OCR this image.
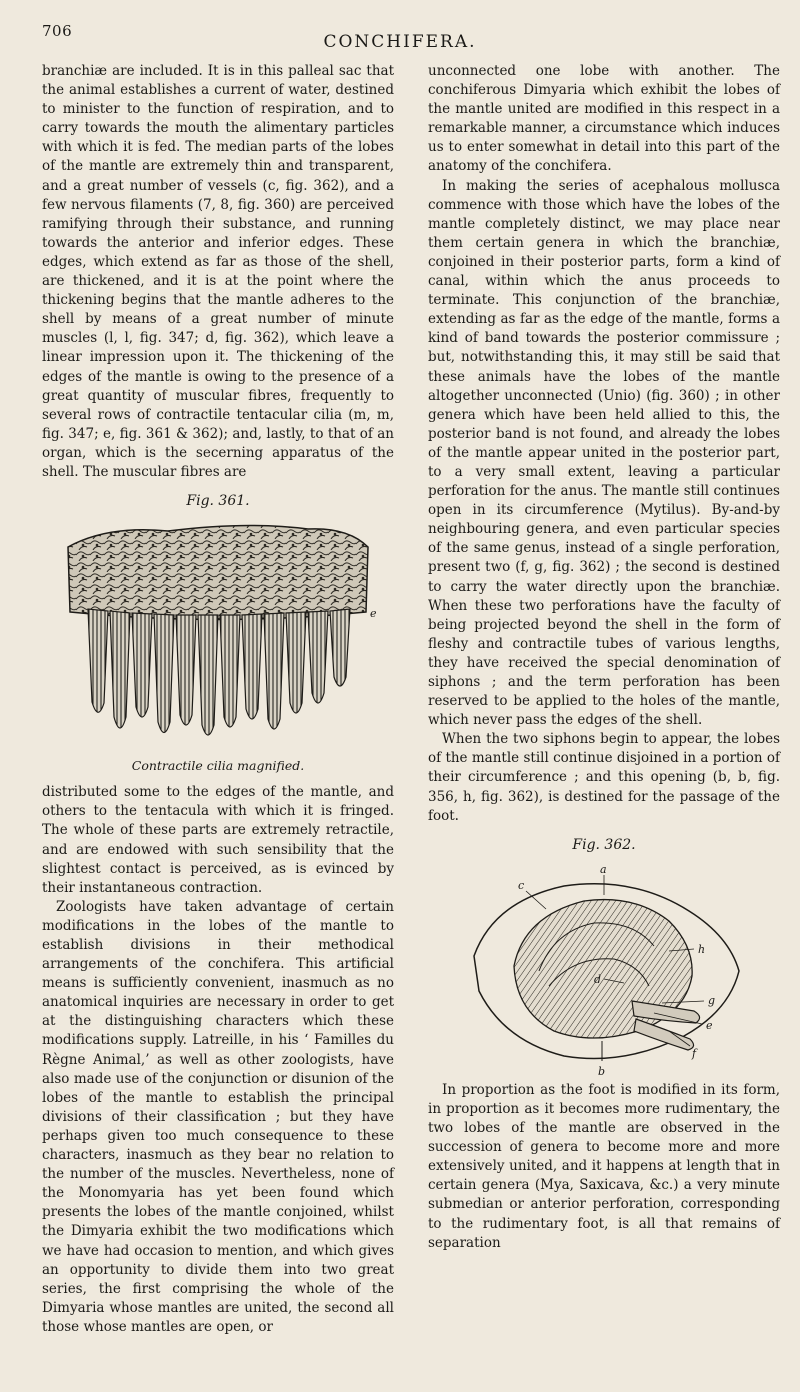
706
CONCHIFERA.

branchiæ are included. It is in this palleal sac that the animal establishes a current of water, destined to minister to the function of respiration, and to carry towards the mouth the alimentary particles with which it is fed. The median parts of the lobes of the mantle are extremely thin and transparent, and a great number of vessels (c, fig. 362), and a few nervous filaments (7, 8, fig. 360) are perceived ramifying through their substance, and running towards the anterior and inferior edges. These edges, which extend as far as those of the shell, are thickened, and it is at the point where the thickening begins that the mantle adheres to the shell by means of a great number of minute muscles (l, l, fig. 347; d, fig. 362), which leave a linear impression upon it. The thickening of the edges of the mantle is owing to the presence of a great quantity of muscular fibres, frequently to several rows of contractile tentacular cilia (m, m, fig. 347; e, fig. 361 & 362); and, lastly, to that of an organ, which is the secerning apparatus of the shell. The muscular fibres are

Fig. 361.
e
Contractile cilia magnified.

distributed some to the edges of the mantle, and others to the tentacula with which it is fringed. The whole of these parts are extremely retractile, and are endowed with such sensibility that the slightest contact is perceived, as is evinced by their instantaneous contraction.

Zoologists have taken advantage of certain modifications in the lobes of the mantle to establish divisions in their methodical arrangements of the conchifera. This artificial means is sufficiently convenient, inasmuch as no anatomical inquiries are necessary in order to get at the distinguishing characters which these modifications supply. Latreille, in his ‘ Familles du Règne Animal,’ as well as other zoologists, have also made use of the conjunction or disunion of the lobes of the mantle to establish the principal divisions of their classification ; but they have perhaps given too much consequence to these characters, inasmuch as they bear no relation to the number of the muscles. Nevertheless, none of the Monomyaria has yet been found which presents the lobes of the mantle conjoined, whilst the Dimyaria exhibit the two modifications which we have had occasion to mention, and which gives an opportunity to divide them into two great series, the first comprising the whole of the Dimyaria whose mantles are united, the second all those whose mantles are open, or

unconnected one lobe with another. The conchiferous Dimyaria which exhibit the lobes of the mantle united are modified in this respect in a remarkable manner, a circumstance which induces us to enter somewhat in detail into this part of the anatomy of the conchifera.

In making the series of acephalous mollusca commence with those which have the lobes of the mantle completely distinct, we may place near them certain genera in which the branchiæ, conjoined in their posterior parts, form a kind of canal, within which the anus proceeds to terminate. This conjunction of the branchiæ, extending as far as the edge of the mantle, forms a kind of band towards the posterior commissure ; but, notwithstanding this, it may still be said that these animals have the lobes of the mantle altogether unconnected (Unio) (fig. 360) ; in other genera which have been held allied to this, the posterior band is not found, and already the lobes of the mantle appear united in the posterior part, to a very small extent, leaving a particular perforation for the anus. The mantle still continues open in its circumference (Mytilus). By-and-by neighbouring genera, and even particular species of the same genus, instead of a single perforation, present two (f, g, fig. 362) ; the second is destined to carry the water directly upon the branchiæ. When these two perforations have the faculty of being projected beyond the shell in the form of fleshy and contractile tubes of various lengths, they have received the special denomination of siphons ; and the term perforation has been reserved to be applied to the holes of the mantle, which never pass the edges of the shell.

When the two siphons begin to appear, the lobes of the mantle still continue disjoined in a portion of their circumference ; and this opening (b, b, fig. 356, h, fig. 362), is destined for the passage of the foot.

Fig. 362.
a
c
h
d
g
e
f
b

In proportion as the foot is modified in its form, in proportion as it becomes more rudimentary, the two lobes of the mantle are observed in the succession of genera to become more and more extensively united, and it happens at length that in certain genera (Mya, Saxicava, &c.) a very minute submedian or anterior perforation, corresponding to the rudimentary foot, is all that remains of separation
